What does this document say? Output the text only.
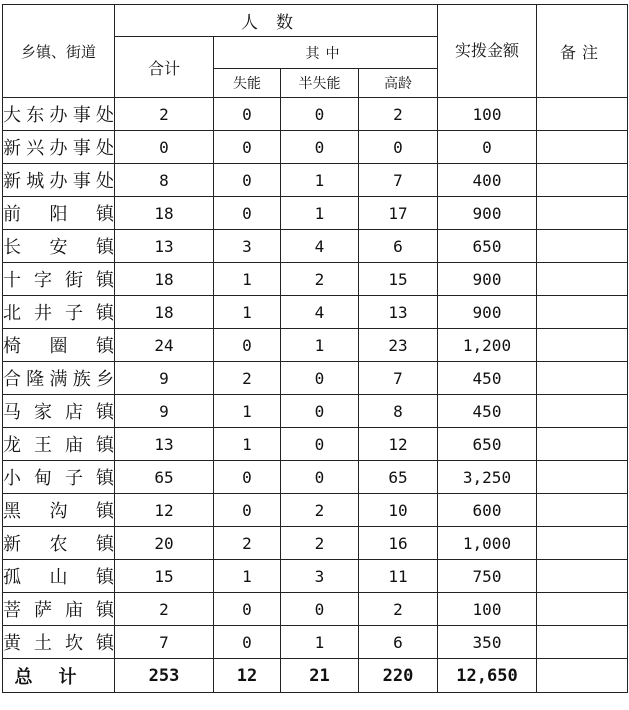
乡镇、街道	人数				实拨金额	备注
	合计	其中				
		失能	半失能	高龄		
大东办事处	2	0	0	2	100	
新兴办事处	0	0	0	0	0	
新城办事处	8	0	1	7	400	
前阳镇	18	0	1	17	900	
长安镇	13	3	4	6	650	
十字街镇	18	1	2	15	900	
北井子镇	18	1	4	13	900	
椅圈镇	24	0	1	23	1,200	
合隆满族乡	9	2	0	7	450	
马家店镇	9	1	0	8	450	
龙王庙镇	13	1	0	12	650	
小甸子镇	65	0	0	65	3,250	
黑沟镇	12	0	2	10	600	
新农镇	20	2	2	16	1,000	
孤山镇	15	1	3	11	750	
菩萨庙镇	2	0	0	2	100	
黄土坎镇	7	0	1	6	350	
总计	253	12	21	220	12,650	
